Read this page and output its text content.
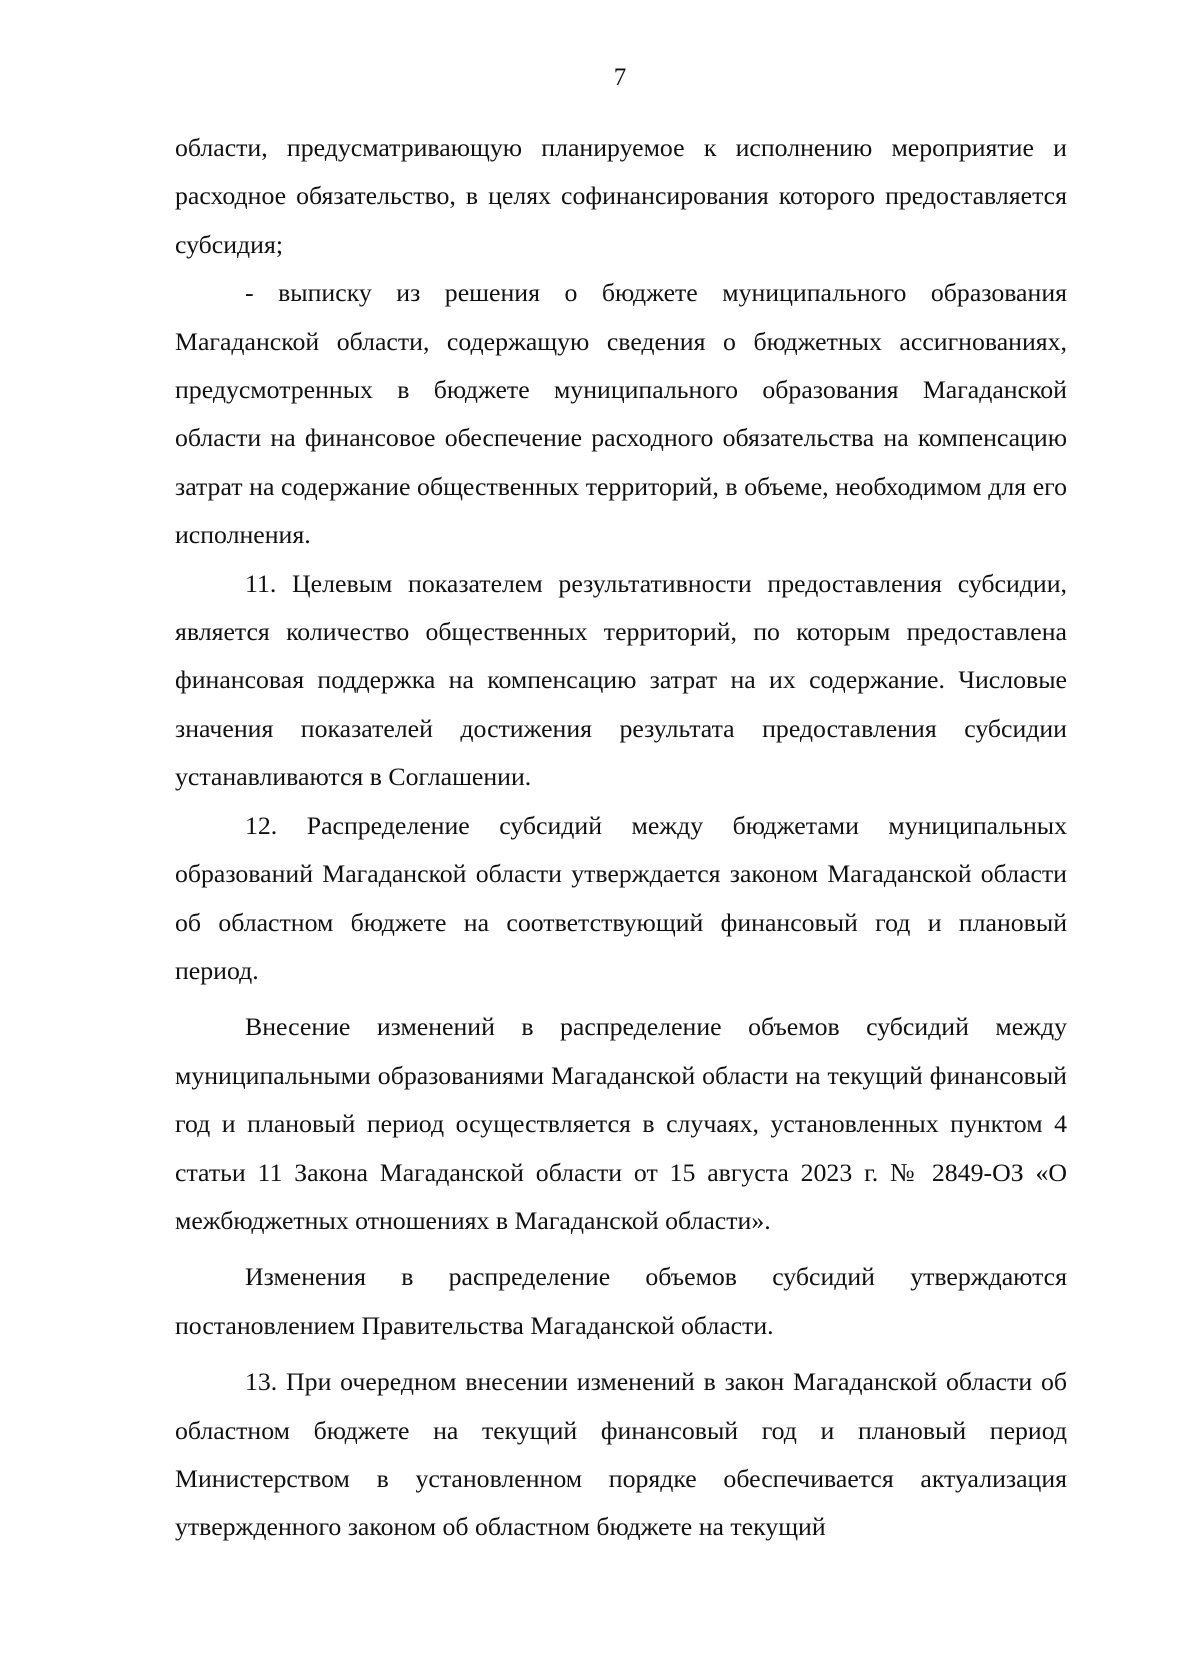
7

области, предусматривающую планируемое к исполнению мероприятие и расходное обязательство, в целях софинансирования которого предоставляется субсидия;

- выписку из решения о бюджете муниципального образования Магаданской области, содержащую сведения о бюджетных ассигнованиях, предусмотренных в бюджете муниципального образования Магаданской области на финансовое обеспечение расходного обязательства на компенсацию затрат на содержание общественных территорий, в объеме, необходимом для его исполнения.

11. Целевым показателем результативности предоставления субсидии, является количество общественных территорий, по которым предоставлена финансовая поддержка на компенсацию затрат на их содержание. Числовые значения показателей достижения результата предоставления субсидии устанавливаются в Соглашении.

12. Распределение субсидий между бюджетами муниципальных образований Магаданской области утверждается законом Магаданской области об областном бюджете на соответствующий финансовый год и плановый период.

Внесение изменений в распределение объемов субсидий между муниципальными образованиями Магаданской области на текущий финансовый год и плановый период осуществляется в случаях, установленных пунктом 4 статьи 11 Закона Магаданской области от 15 августа 2023 г. № 2849-ОЗ «О межбюджетных отношениях в Магаданской области».

Изменения в распределение объемов субсидий утверждаются постановлением Правительства Магаданской области.

13. При очередном внесении изменений в закон Магаданской области об областном бюджете на текущий финансовый год и плановый период Министерством в установленном порядке обеспечивается актуализация утвержденного законом об областном бюджете на текущий
